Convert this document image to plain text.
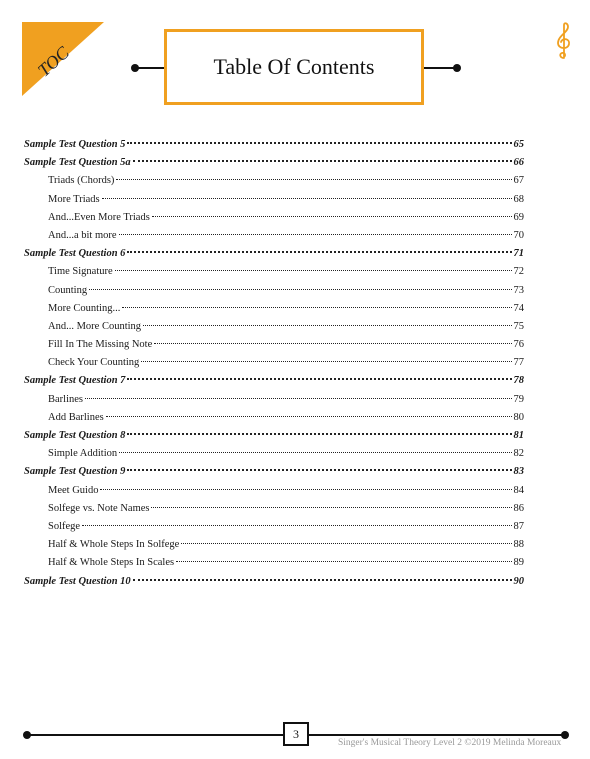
TOC	Table Of Contents
Sample Test Question 5	65
Sample Test Question 5a	66
Triads (Chords)	67
More Triads	68
And...Even More Triads	69
And...a bit more	70
Sample Test Question 6	71
Time Signature	72
Counting	73
More Counting...	74
And... More Counting	75
Fill In The Missing Note	76
Check Your Counting	77
Sample Test Question 7	78
Barlines	79
Add Barlines	80
Sample Test Question 8	81
Simple Addition	82
Sample Test Question 9	83
Meet Guido	84
Solfege vs. Note Names	86
Solfege	87
Half & Whole Steps In Solfege	88
Half & Whole Steps In Scales	89
Sample Test Question 10	90
3
Singer's Musical Theory Level 2 ©2019 Melinda Moreaux
